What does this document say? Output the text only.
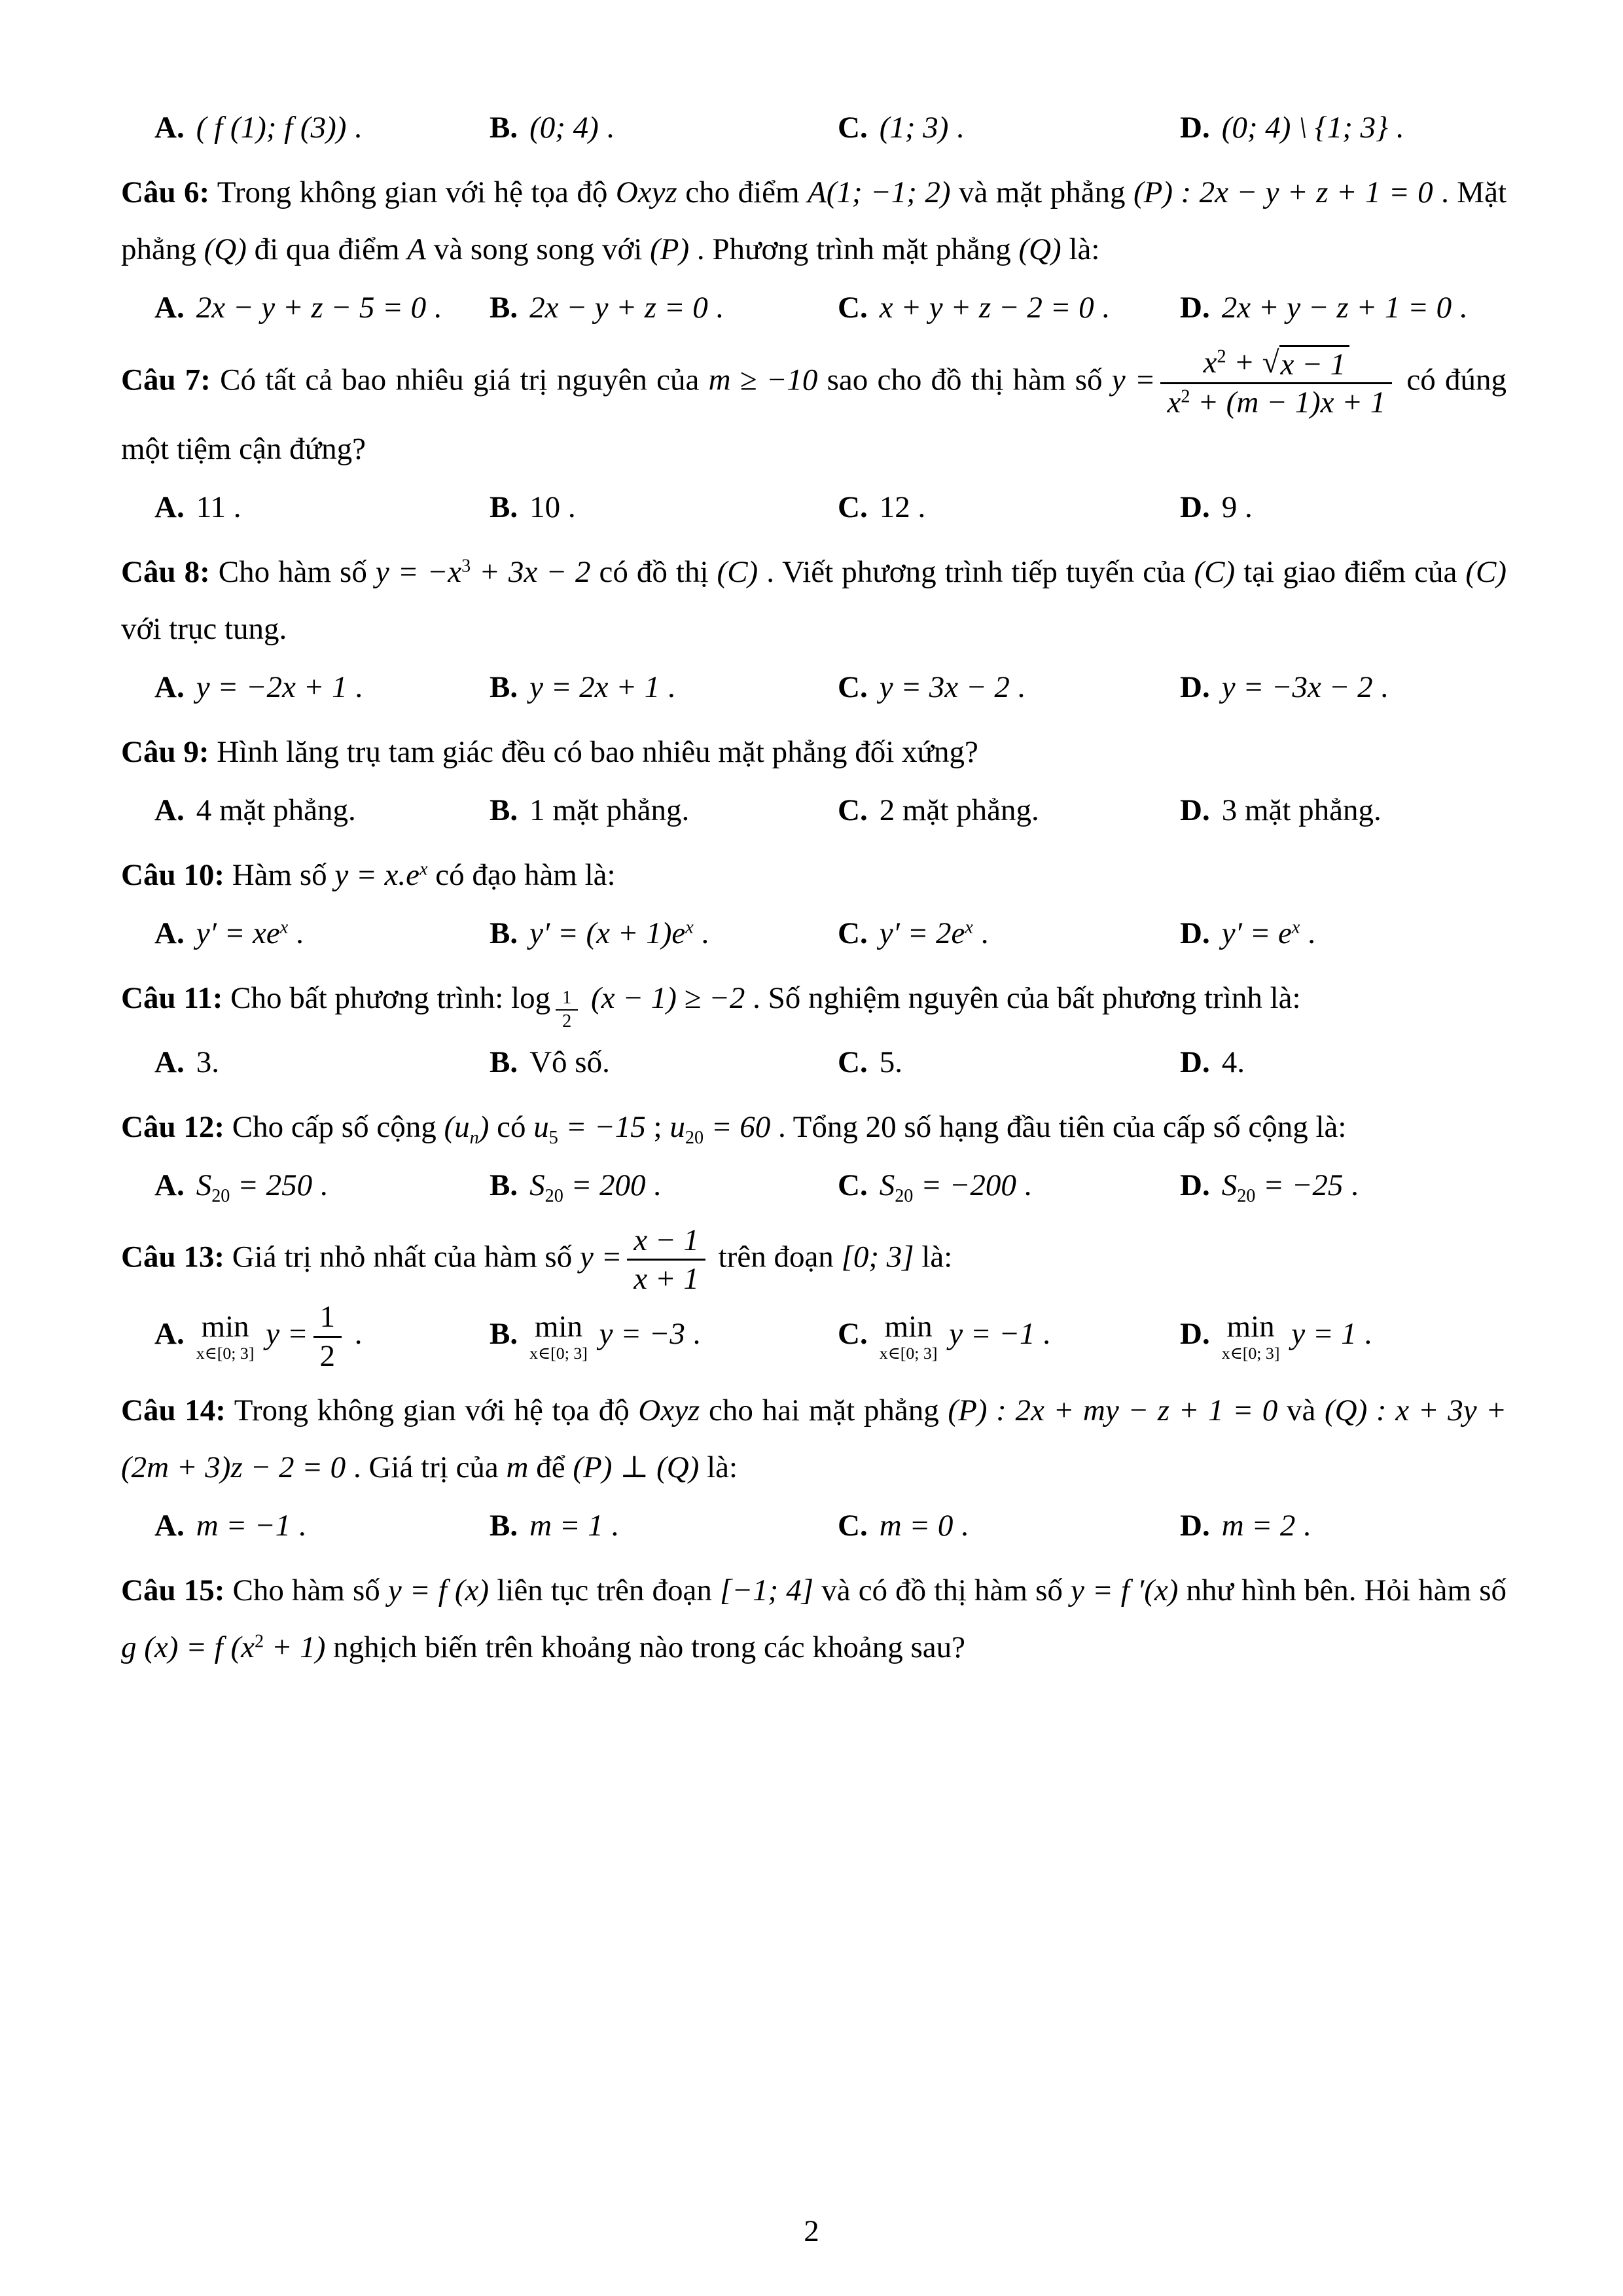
A. ( f (1); f (3)) .	B. (0; 4) .	C. (1; 3) .	D. (0; 4) \ {1; 3} .

Câu 6: Trong không gian với hệ tọa độ Oxyz cho điểm A(1; −1; 2) và mặt phẳng (P) : 2x − y + z + 1 = 0 . Mặt phẳng (Q) đi qua điểm A và song song với (P) . Phương trình mặt phẳng (Q) là:

A. 2x − y + z − 5 = 0 .	B. 2x − y + z = 0 .	C. x + y + z − 2 = 0 .	D. 2x + y − z + 1 = 0 .

Câu 7: Có tất cả bao nhiêu giá trị nguyên của m ≥ −10 sao cho đồ thị hàm số $y = \frac{x^2 + √ x - 1}{x^2 + (m - 1)x + 1}$ có đúng một tiệm cận đứng?

A. 11 .	B. 10 .	C. 12 .	D. 9 .

Câu 8: Cho hàm số $y = -x^3 + 3x - 2$ có đồ thị (C) . Viết phương trình tiếp tuyến của (C) tại giao điểm của (C) với trục tung.

A. y = −2x + 1 .	B. y = 2x + 1 .	C. y = 3x − 2 .	D. y = −3x − 2 .

Câu 9: Hình lăng trụ tam giác đều có bao nhiêu mặt phẳng đối xứng?

A. 4 mặt phẳng.	B. 1 mặt phẳng.	C. 2 mặt phẳng.	D. 3 mặt phẳng.

Câu 10: Hàm số $y = x.e^x$ có đạo hàm là:

A. $y' = xe^x$ .	B. $y' = (x + 1)e^x$ .	C. $y' = 2e^x$ .	D. $y' = e^x$ .

Câu 11: Cho bất phương trình: log $_{\frac{1}{2}}$ (x − 1) ≥ −2 . Số nghiệm nguyên của bất phương trình là:

A. 3.	B. Vô số.	C. 5.	D. 4.

Câu 12: Cho cấp số cộng $(u_n)$ có $u_5 = -15$ ; $u_{20} = 60$ . Tổng 20 số hạng đầu tiên của cấp số cộng là:

A. $S_{20} = 250$ .	B. $S_{20} = 200$ .	C. $S_{20} = -200$ .	D. $S_{20} = -25$ .

Câu 13: Giá trị nhỏ nhất của hàm số $y = \frac{x - 1}{x + 1}$ trên đoạn [0; 3] là:

A. min
x∈[0; 3]
$y = \frac{1}{2}$ .	B. min
x∈[0; 3]
y = −3 .	C. min
x∈[0; 3]
y = −1 .	D. min
x∈[0; 3]
y = 1 .

Câu 14: Trong không gian với hệ tọa độ Oxyz cho hai mặt phẳng (P) : 2x + my − z + 1 = 0 và (Q) : x + 3y + (2m + 3)z − 2 = 0 . Giá trị của m để (P) ⊥ (Q) là:

A. m = −1 .	B. m = 1 .	C. m = 0 .	D. m = 2 .

Câu 15: Cho hàm số y = f (x) liên tục trên đoạn [−1; 4] và có đồ thị hàm số y = f ′(x) như hình bên. Hỏi hàm số g (x) = f $(x^2 + 1)$ nghịch biến trên khoảng nào trong các khoảng sau?

2
